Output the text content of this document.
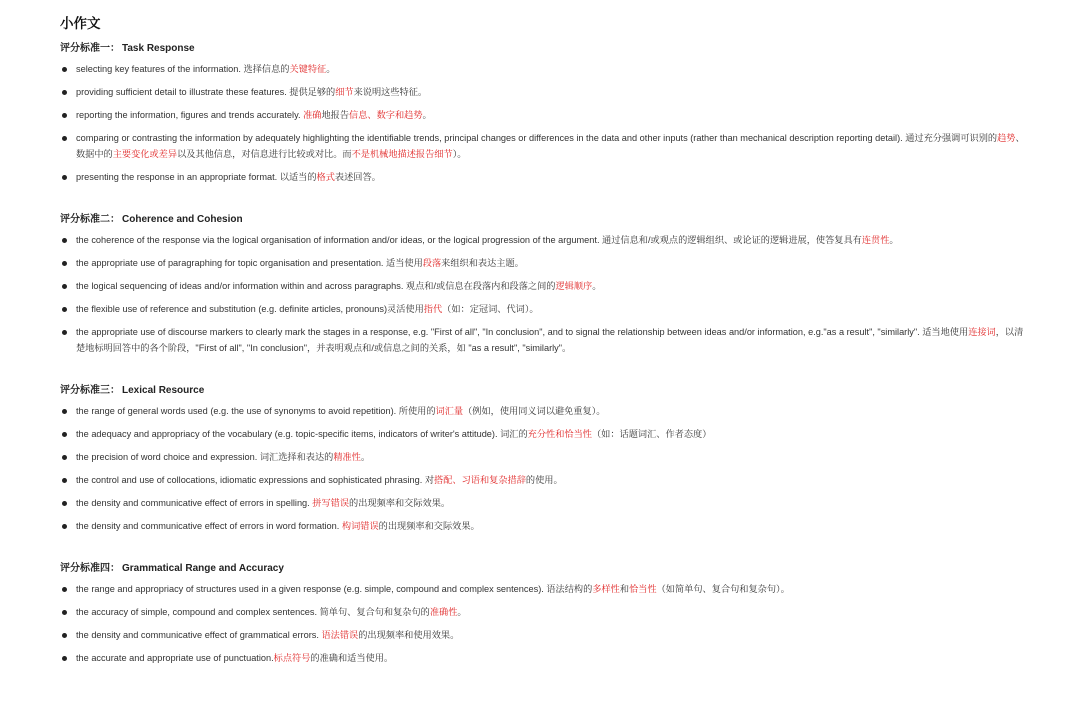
小作文
评分标准一： Task Response
selecting key features of the information. 选择信息的关键特征。
providing sufficient detail to illustrate these features. 提供足够的细节来说明这些特征。
reporting the information, figures and trends accurately. 准确地报告信息、数字和趋势。
comparing or contrasting the information by adequately highlighting the identifiable trends, principal changes or differences in the data and other inputs (rather than mechanical description reporting detail). 通过充分强调可识别的趋势、数据中的主要变化或差异以及其他信息，对信息进行比较或对比。而不是机械地描述报告细节）。
presenting the response in an appropriate format. 以适当的格式表述回答。
评分标准二： Coherence and Cohesion
the coherence of the response via the logical organisation of information and/or ideas, or the logical progression of the argument. 通过信息和/或观点的逻辑组织、或论证的逻辑进展，使答复具有连贯性。
the appropriate use of paragraphing for topic organisation and presentation. 适当使用段落来组织和表达主题。
the logical sequencing of ideas and/or information within and across paragraphs. 观点和/或信息在段落内和段落之间的逻辑顺序。
the flexible use of reference and substitution (e.g. definite articles, pronouns)灵活使用指代（如：定冠词、代词）。
the appropriate use of discourse markers to clearly mark the stages in a response, e.g. "First of all", "In conclusion", and to signal the relationship between ideas and/or information, e.g."as a result", "similarly". 适当地使用连接词，以清楚地标明回答中的各个阶段，"First of all", "In conclusion"，并表明观点和/或信息之间的关系，如 "as a result", "similarly"。
评分标准三： Lexical Resource
the range of general words used (e.g. the use of synonyms to avoid repetition). 所使用的词汇量（例如，使用同义词以避免重复）。
the adequacy and appropriacy of the vocabulary (e.g. topic-specific items, indicators of writer's attitude). 词汇的充分性和恰当性（如：话题词汇、作者态度）
the precision of word choice and expression. 词汇选择和表达的精准性。
the control and use of collocations, idiomatic expressions and sophisticated phrasing. 对搭配、习语和复杂措辞的使用。
the density and communicative effect of errors in spelling. 拼写错误的出现频率和交际效果。
the density and communicative effect of errors in word formation. 构词错误的出现频率和交际效果。
评分标准四： Grammatical Range and Accuracy
the range and appropriacy of structures used in a given response (e.g. simple, compound and complex sentences). 语法结构的多样性和恰当性（如简单句、复合句和复杂句）。
the accuracy of simple, compound and complex sentences. 简单句、复合句和复杂句的准确性。
the density and communicative effect of grammatical errors. 语法错误的出现频率和使用效果。
the accurate and appropriate use of punctuation.标点符号的准确和适当使用。
